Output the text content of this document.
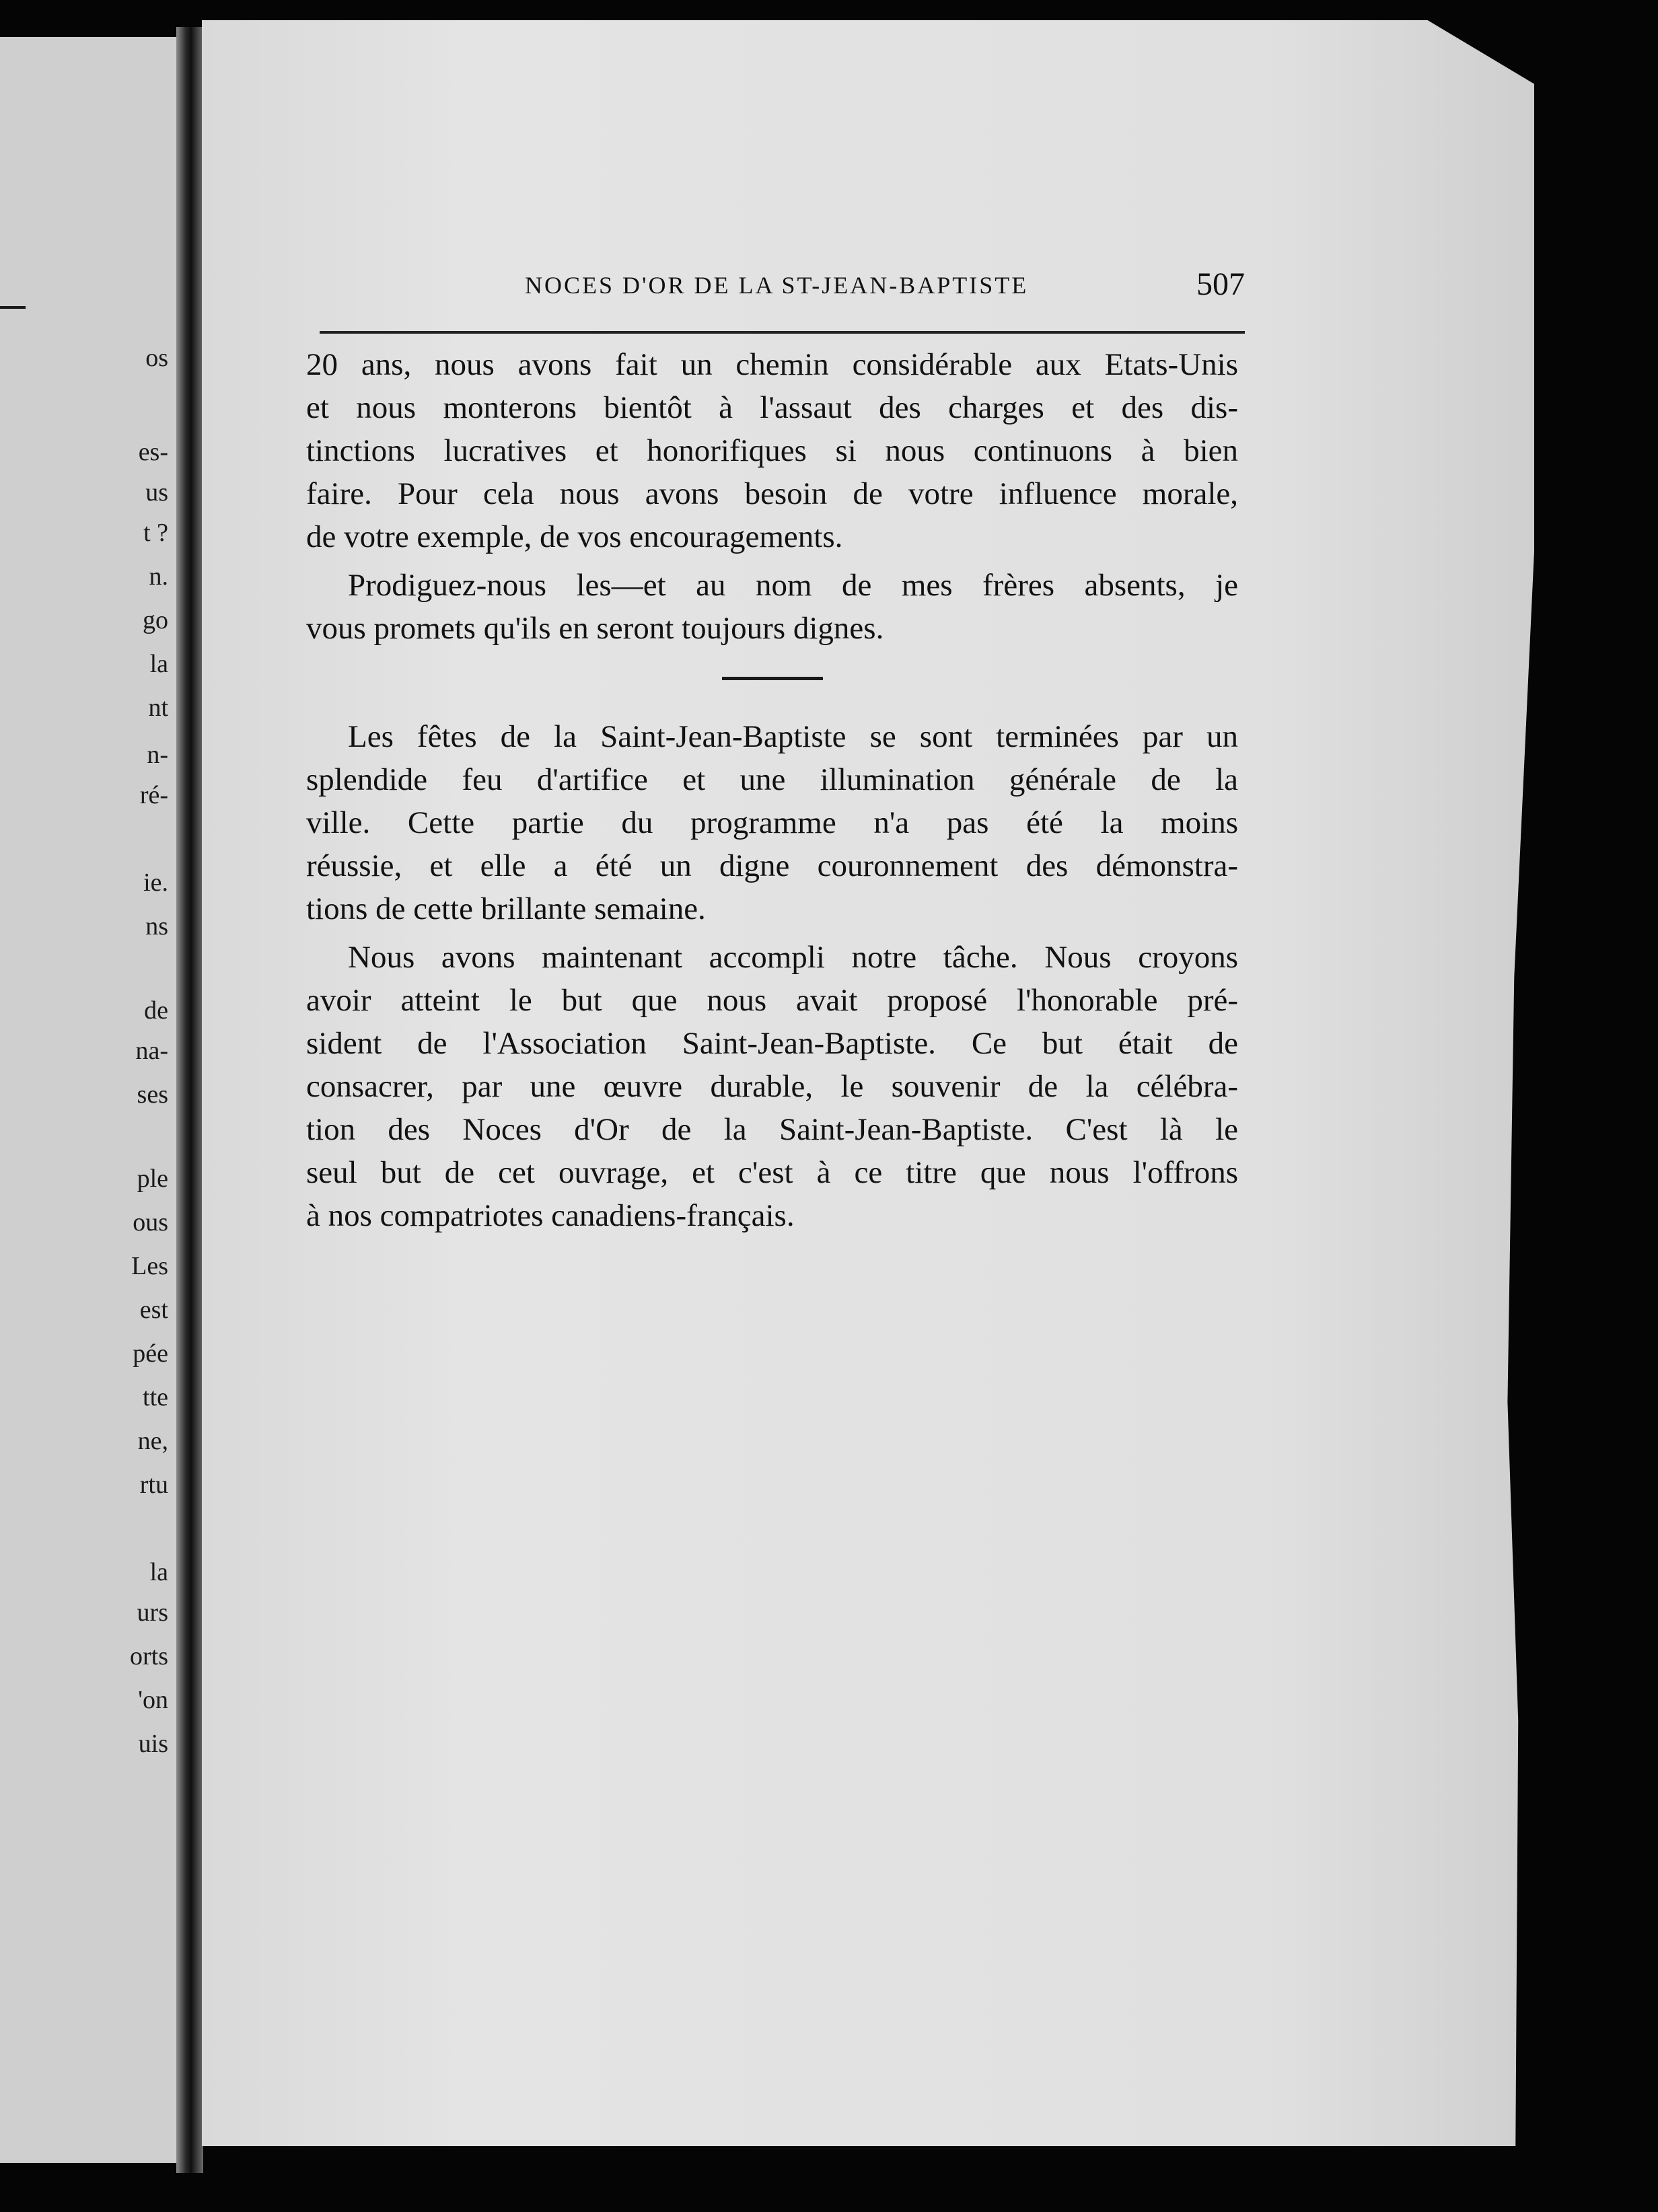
os
es-
us
t ?
n.
go
la
nt
n-
ré-
ie.
ns
de
na-
ses
ple
ous
Les
est
pée
tte
ne,
rtu
la
urs
orts
'on
uis
NOCES D'OR DE LA ST-JEAN-BAPTISTE	507
20 ans, nous avons fait un chemin considérable aux Etats-Unis
et nous monterons bientôt à l'assaut des charges et des dis-
tinctions lucratives et honorifiques si nous continuons à bien
faire. Pour cela nous avons besoin de votre influence morale,
de votre exemple, de vos encouragements.
Prodiguez-nous les—et au nom de mes frères absents, je
vous promets qu'ils en seront toujours dignes.
Les fêtes de la Saint-Jean-Baptiste se sont terminées par un
splendide feu d'artifice et une illumination générale de la
ville. Cette partie du programme n'a pas été la moins
réussie, et elle a été un digne couronnement des démonstra-
tions de cette brillante semaine.
Nous avons maintenant accompli notre tâche. Nous croyons
avoir atteint le but que nous avait proposé l'honorable pré-
sident de l'Association Saint-Jean-Baptiste. Ce but était de
consacrer, par une œuvre durable, le souvenir de la célébra-
tion des Noces d'Or de la Saint-Jean-Baptiste. C'est là le
seul but de cet ouvrage, et c'est à ce titre que nous l'offrons
à nos compatriotes canadiens-français.
